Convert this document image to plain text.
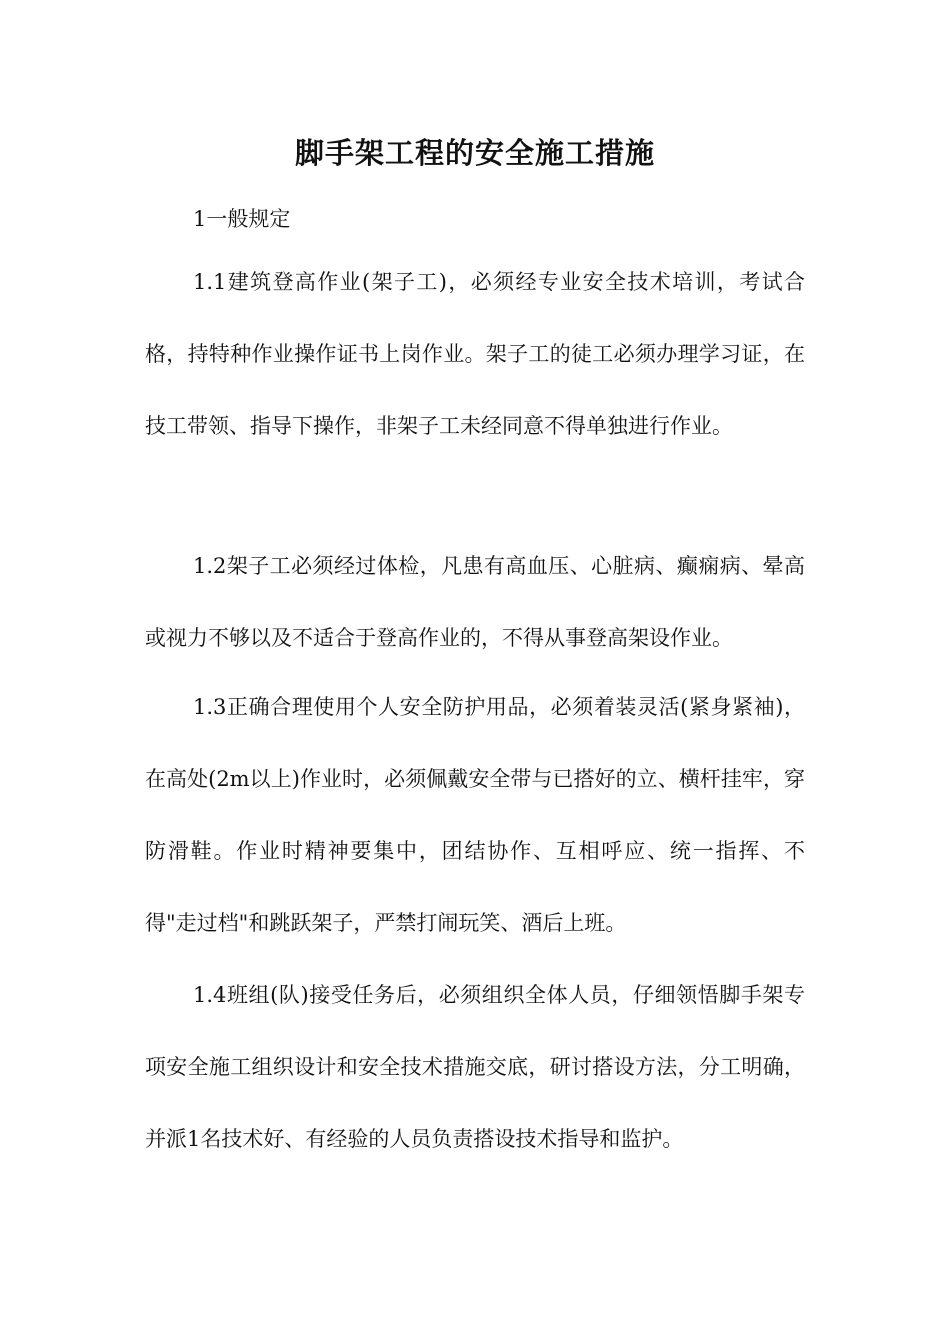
脚手架工程的安全施工措施

1一般规定

1.1建筑登高作业(架子工)，必须经专业安全技术培训，考试合格，持特种作业操作证书上岗作业。架子工的徒工必须办理学习证，在技工带领、指导下操作，非架子工未经同意不得单独进行作业。

1.2架子工必须经过体检，凡患有高血压、心脏病、癫痫病、晕高或视力不够以及不适合于登高作业的，不得从事登高架设作业。

1.3正确合理使用个人安全防护用品，必须着装灵活(紧身紧袖)，在高处(2m以上)作业时，必须佩戴安全带与已搭好的立、横杆挂牢，穿防滑鞋。作业时精神要集中，团结协作、互相呼应、统一指挥、不得"走过档"和跳跃架子，严禁打闹玩笑、酒后上班。

1.4班组(队)接受任务后，必须组织全体人员，仔细领悟脚手架专项安全施工组织设计和安全技术措施交底，研讨搭设方法，分工明确，并派1名技术好、有经验的人员负责搭设技术指导和监护。
